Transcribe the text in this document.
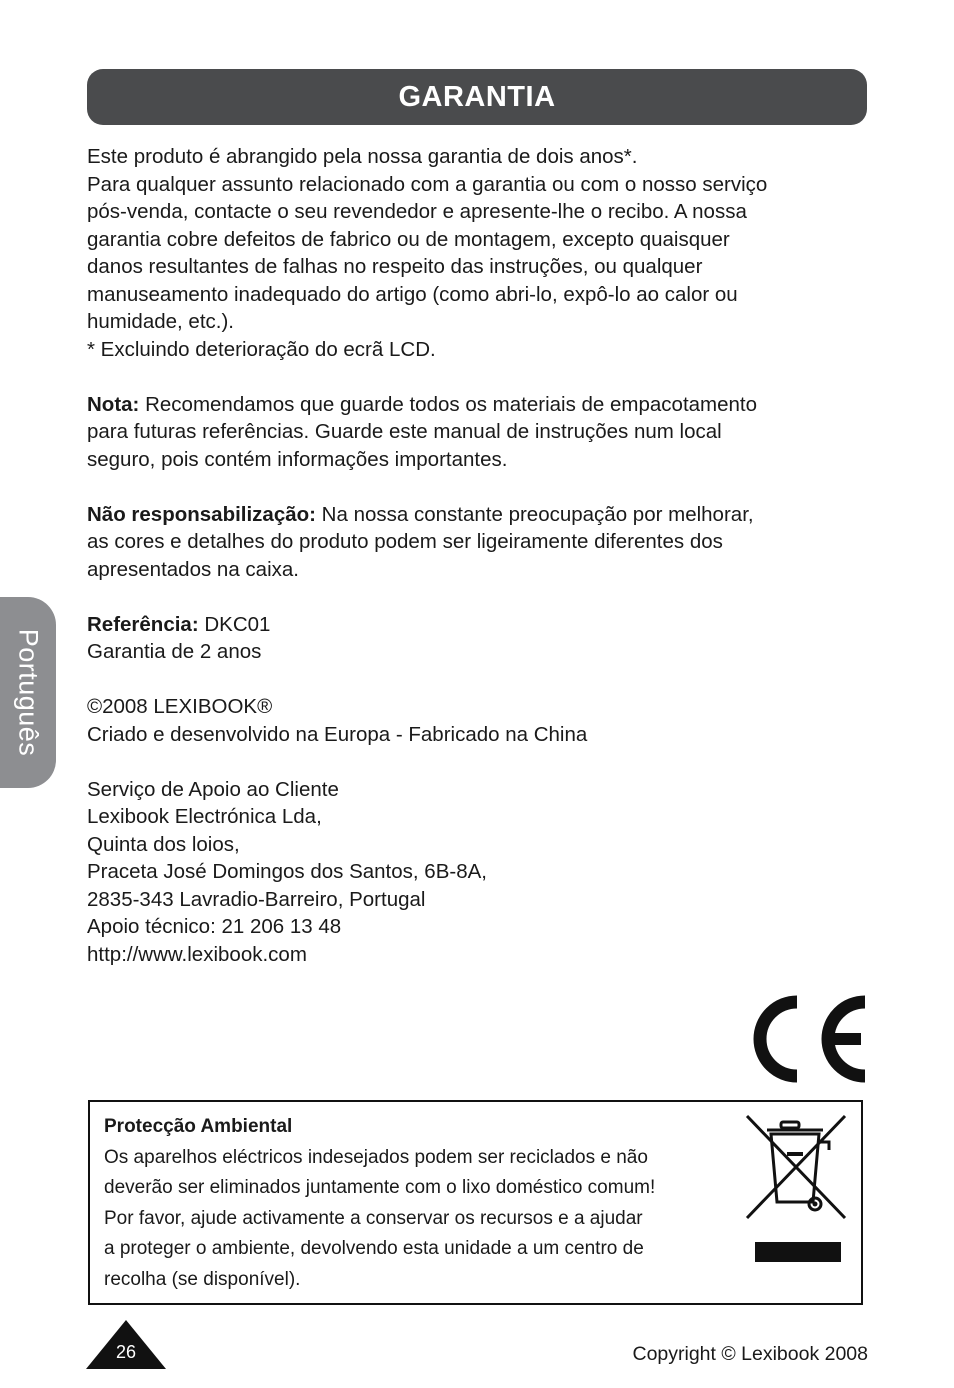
GARANTIA
Português

Este produto é abrangido pela nossa garantia de dois anos*.
Para qualquer assunto relacionado com a garantia ou com o nosso serviço
pós-venda, contacte o seu revendedor e apresente-lhe o recibo. A nossa
garantia cobre defeitos de fabrico ou de montagem, excepto quaisquer
danos resultantes de falhas no respeito das instruções, ou qualquer
manuseamento inadequado do artigo (como abri-lo, expô-lo ao calor ou
humidade, etc.).
* Excluindo deterioração do ecrã LCD.

Nota: Recomendamos que guarde todos os materiais de empacotamento
para futuras referências. Guarde este manual de instruções num local
seguro, pois contém informações importantes.

Não responsabilização: Na nossa constante preocupação por melhorar,
as cores e detalhes do produto podem ser ligeiramente diferentes dos
apresentados na caixa.

Referência: DKC01
Garantia de 2 anos

©2008 LEXIBOOK®
Criado e desenvolvido na Europa - Fabricado na China

Serviço de Apoio ao Cliente
Lexibook Electrónica Lda,
Quinta dos loios,
Praceta José Domingos dos Santos, 6B-8A,
2835-343 Lavradio-Barreiro, Portugal
Apoio técnico: 21 206 13 48
http://www.lexibook.com

Protecção Ambiental
Os aparelhos eléctricos indesejados podem ser reciclados e não
deverão ser eliminados juntamente com o lixo doméstico comum!
Por favor, ajude activamente a conservar os recursos e a ajudar
a proteger o ambiente, devolvendo esta unidade a um centro de
recolha (se disponível).
26	Copyright © Lexibook 2008
